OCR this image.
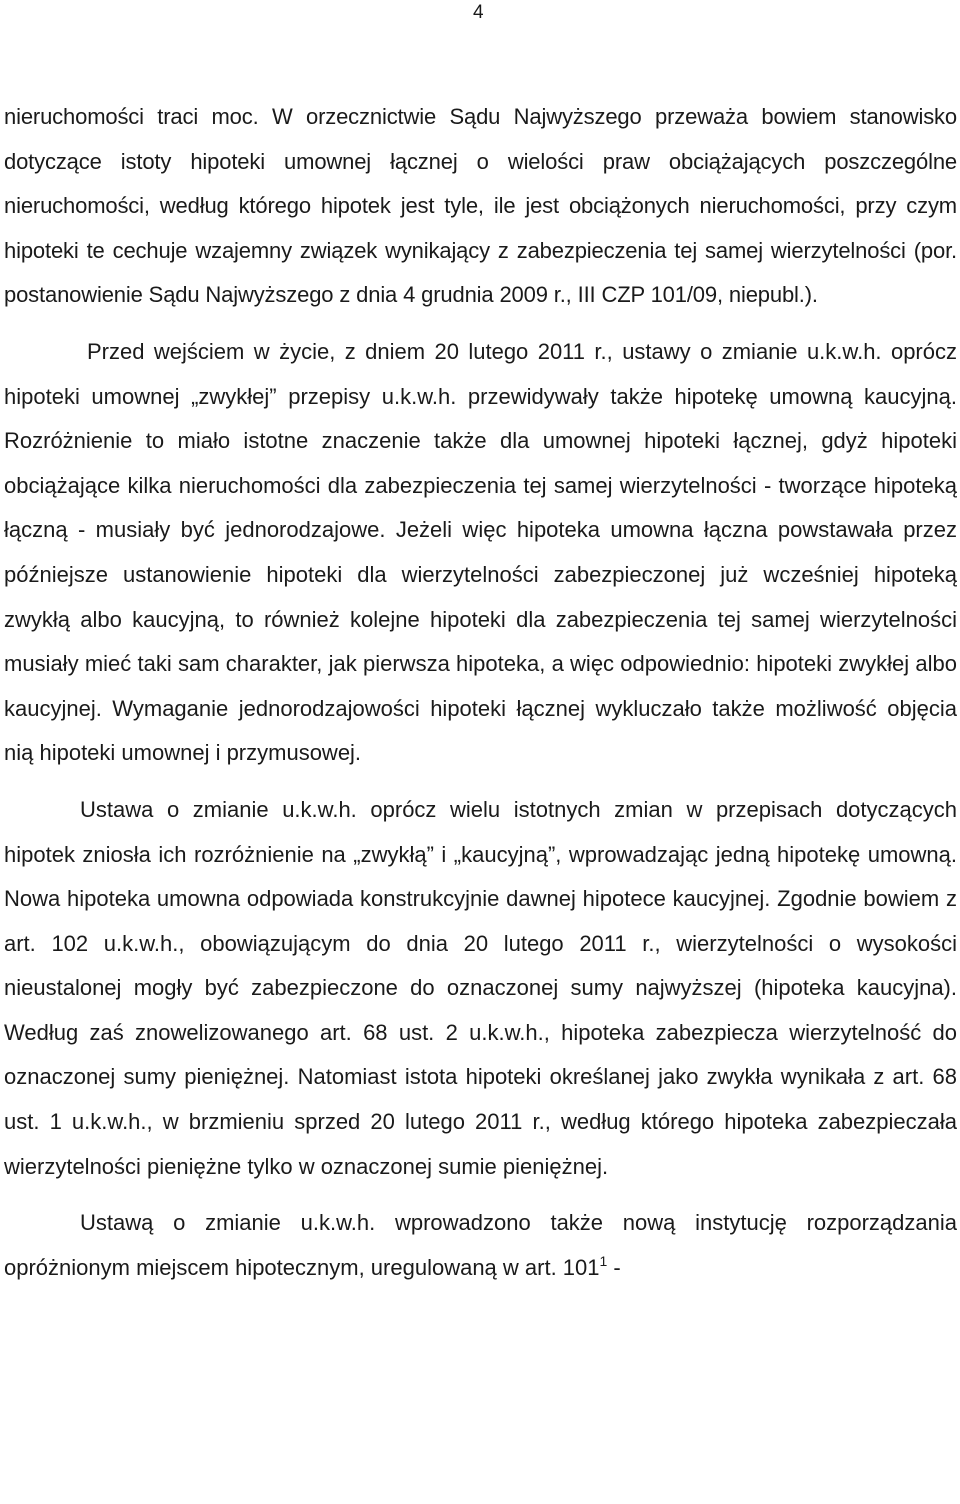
4

nieruchomości traci moc. W orzecznictwie Sądu Najwyższego przeważa bowiem stanowisko dotyczące istoty hipoteki umownej łącznej o wielości praw obciążających poszczególne nieruchomości, według którego hipotek jest tyle, ile jest obciążonych nieruchomości, przy czym hipoteki te cechuje wzajemny związek wynikający z zabezpieczenia tej samej wierzytelności (por. postanowienie Sądu Najwyższego z dnia 4 grudnia 2009 r., III CZP 101/09, niepubl.).

Przed wejściem w życie, z dniem 20 lutego 2011 r., ustawy o zmianie u.k.w.h. oprócz hipoteki umownej „zwykłej” przepisy u.k.w.h. przewidywały także hipotekę umowną kaucyjną. Rozróżnienie to miało istotne znaczenie także dla umownej hipoteki łącznej, gdyż hipoteki obciążające kilka nieruchomości dla zabezpieczenia tej samej wierzytelności - tworzące hipoteką łączną - musiały być jednorodzajowe. Jeżeli więc hipoteka umowna łączna powstawała przez późniejsze ustanowienie hipoteki dla wierzytelności zabezpieczonej już wcześniej hipoteką zwykłą albo kaucyjną, to również kolejne hipoteki dla zabezpieczenia tej samej wierzytelności musiały mieć taki sam charakter, jak pierwsza hipoteka, a więc odpowiednio: hipoteki zwykłej albo kaucyjnej. Wymaganie jednorodzajowości hipoteki łącznej wykluczało także możliwość objęcia nią hipoteki umownej i przymusowej.

Ustawa o zmianie u.k.w.h. oprócz wielu istotnych zmian w przepisach dotyczących hipotek zniosła ich rozróżnienie na „zwykłą” i „kaucyjną”, wprowadzając jedną hipotekę umowną. Nowa hipoteka umowna odpowiada konstrukcyjnie dawnej hipotece kaucyjnej. Zgodnie bowiem z art. 102 u.k.w.h., obowiązującym do dnia 20 lutego 2011 r., wierzytelności o wysokości nieustalonej mogły być zabezpieczone do oznaczonej sumy najwyższej (hipoteka kaucyjna). Według zaś znowelizowanego art. 68 ust. 2 u.k.w.h., hipoteka zabezpiecza wierzytelność do oznaczonej sumy pieniężnej. Natomiast istota hipoteki określanej jako zwykła wynikała z art. 68 ust. 1 u.k.w.h., w brzmieniu sprzed 20 lutego 2011 r., według którego hipoteka zabezpieczała wierzytelności pieniężne tylko w oznaczonej sumie pieniężnej.

Ustawą o zmianie u.k.w.h. wprowadzono także nową instytucję rozporządzania opróżnionym miejscem hipotecznym, uregulowaną w art. $101^1$ -
